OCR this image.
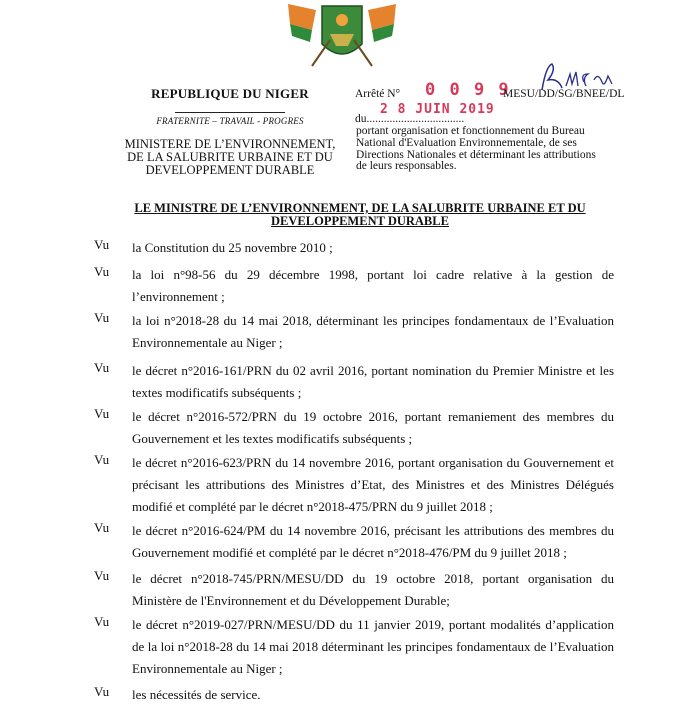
REPUBLIQUE DU NIGER
FRATERNITE – TRAVAIL - PROGRES
MINISTERE DE L’ENVIRONNEMENT,
DE LA SALUBRITE URBAINE ET DU
DEVELOPPEMENT DURABLE
Arrêté N° 0 0 9 9
MESU/DD/SG/BNEE/DL
du..................................
2 8 JUIN 2019
portant organisation et fonctionnement du Bureau
National d'Evaluation Environnementale, de ses
Directions Nationales et déterminant les attributions
de leurs responsables.
LE MINISTRE DE L’ENVIRONNEMENT, DE LA SALUBRITE URBAINE ET DU
DEVELOPPEMENT DURABLE
Vu la Constitution du 25 novembre 2010 ;
Vu la loi n°98-56 du 29 décembre 1998, portant loi cadre relative à la gestion de l’environnement ;
Vu la loi n°2018-28 du 14 mai 2018, déterminant les principes fondamentaux de l’Evaluation Environnementale au Niger ;
Vu le décret n°2016-161/PRN du 02 avril 2016, portant nomination du Premier Ministre et les textes modificatifs subséquents ;
Vu le décret n°2016-572/PRN du 19 octobre 2016, portant remaniement des membres du Gouvernement et les textes modificatifs subséquents ;
Vu le décret n°2016-623/PRN du 14 novembre 2016, portant organisation du Gouvernement et précisant les attributions des Ministres d’Etat, des Ministres et des Ministres Délégués modifié et complété par le décret n°2018-475/PRN du 9 juillet 2018 ;
Vu le décret n°2016-624/PM du 14 novembre 2016, précisant les attributions des membres du Gouvernement modifié et complété par le décret n°2018-476/PM du 9 juillet 2018 ;
Vu le décret n°2018-745/PRN/MESU/DD du 19 octobre 2018, portant organisation du Ministère de l'Environnement et du Développement Durable;
Vu le décret n°2019-027/PRN/MESU/DD du 11 janvier 2019, portant modalités d’application de la loi n°2018-28 du 14 mai 2018 déterminant les principes fondamentaux de l’Evaluation Environnementale au Niger ;
Vu les nécessités de service.
